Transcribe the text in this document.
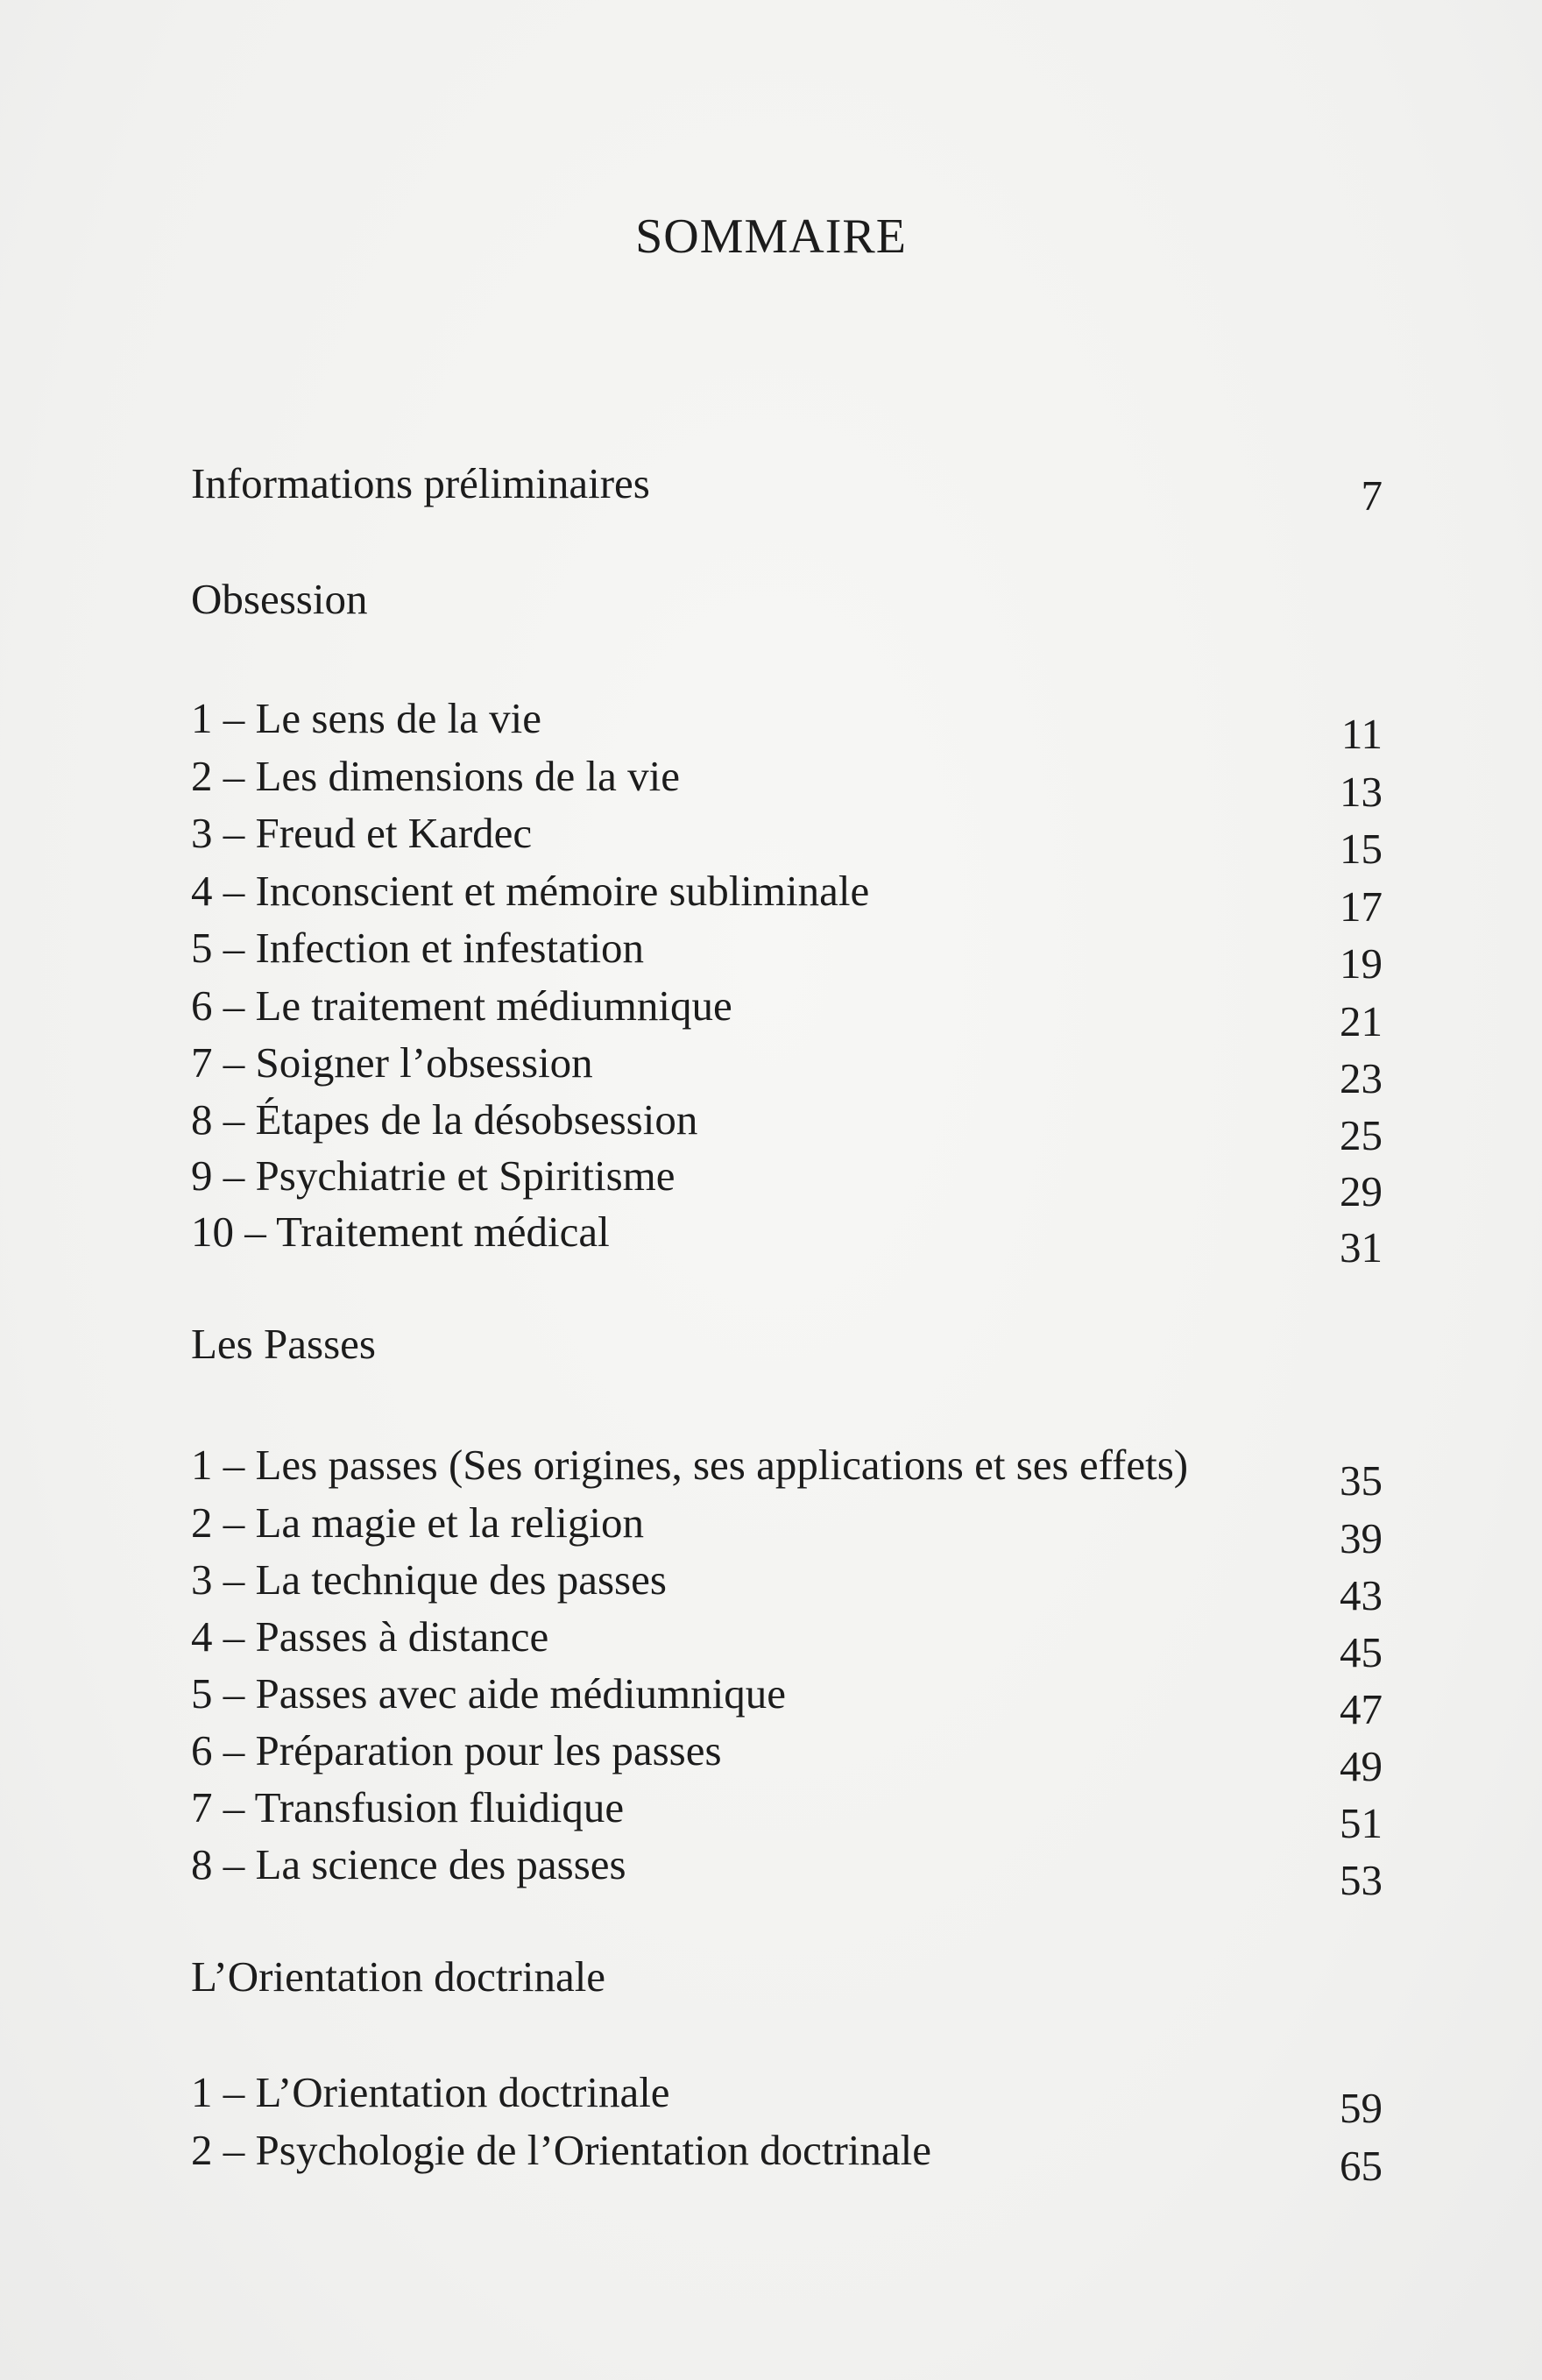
SOMMAIRE
Informations préliminaires	7
Obsession
1 – Le sens de la vie	11
2 – Les dimensions de la vie	13
3 – Freud et Kardec	15
4 – Inconscient et mémoire subliminale	17
5 – Infection et infestation	19
6 – Le traitement médiumnique	21
7 – Soigner l’obsession	23
8 – Étapes de la désobsession	25
9 – Psychiatrie et Spiritisme	29
10 – Traitement médical	31
Les Passes
1 – Les passes (Ses origines, ses applications et ses effets)	35
2 – La magie et la religion	39
3 – La technique des passes	43
4 – Passes à distance	45
5 – Passes avec aide médiumnique	47
6 – Préparation pour les passes	49
7 – Transfusion fluidique	51
8 – La science des passes	53
L’Orientation doctrinale
1 – L’Orientation doctrinale	59
2 – Psychologie de l’Orientation doctrinale	65
